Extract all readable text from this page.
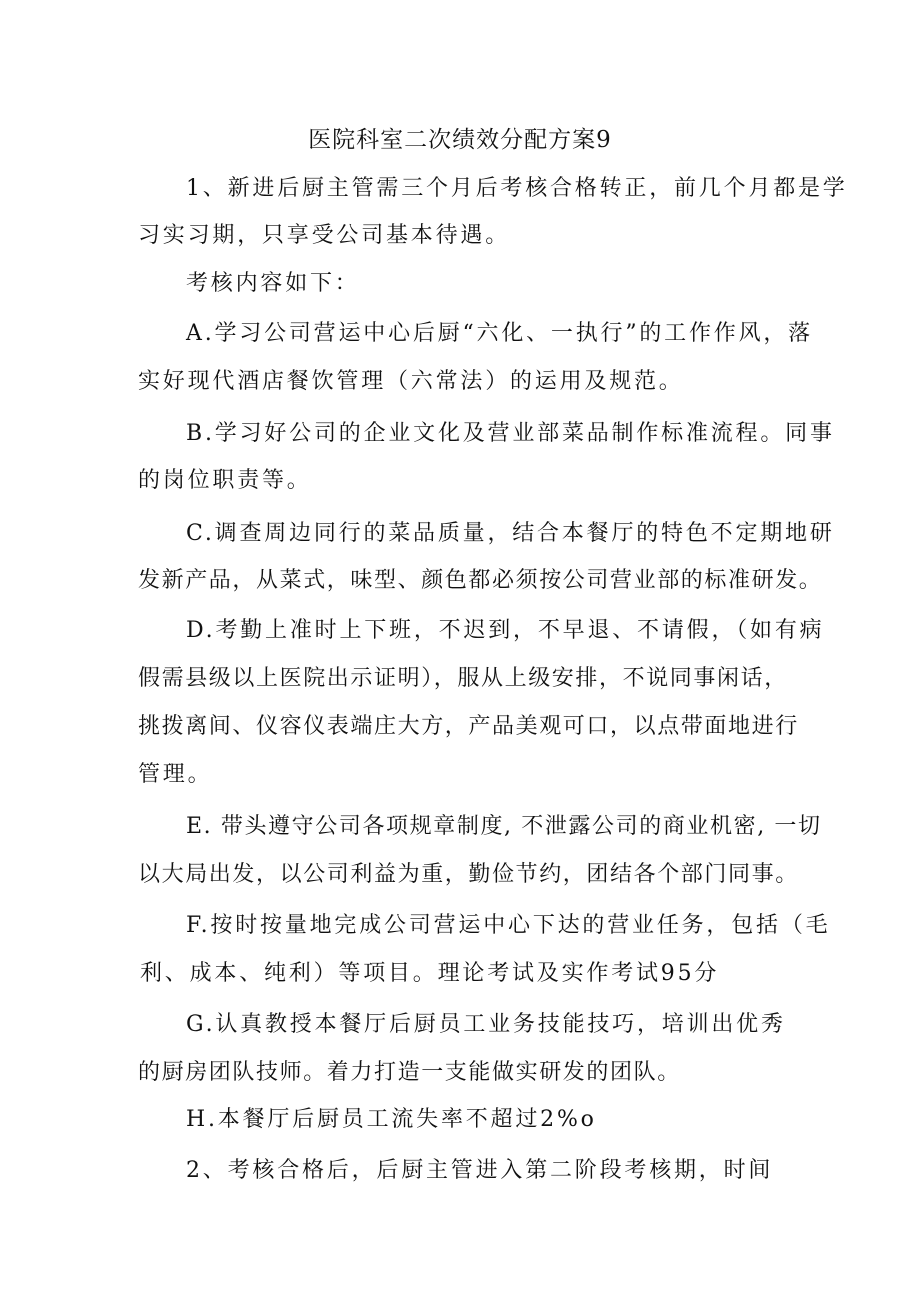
医院科室二次绩效分配方案9
1、新进后厨主管需三个月后考核合格转正，前几个月都是学
习实习期，只享受公司基本待遇。
考核内容如下：
A.学习公司营运中心后厨“六化、一执行”的工作作风，落
实好现代酒店餐饮管理（六常法）的运用及规范。
B.学习好公司的企业文化及营业部菜品制作标准流程。同事
的岗位职责等。
C.调查周边同行的菜品质量，结合本餐厅的特色不定期地研
发新产品，从菜式，味型、颜色都必须按公司营业部的标准研发。
D.考勤上准时上下班，不迟到，不早退、不请假，（如有病
假需县级以上医院出示证明），服从上级安排，不说同事闲话，
挑拨离间、仪容仪表端庄大方，产品美观可口，以点带面地进行
管理。
E. 带头遵守公司各项规章制度, 不泄露公司的商业机密, 一切
以大局出发，以公司利益为重，勤俭节约，团结各个部门同事。
F.按时按量地完成公司营运中心下达的营业任务，包括（毛
利、成本、纯利）等项目。理论考试及实作考试95分
G.认真教授本餐厅后厨员工业务技能技巧，培训出优秀
的厨房团队技师。着力打造一支能做实研发的团队。
H.本餐厅后厨员工流失率不超过2%o
2、考核合格后，后厨主管进入第二阶段考核期，时间
